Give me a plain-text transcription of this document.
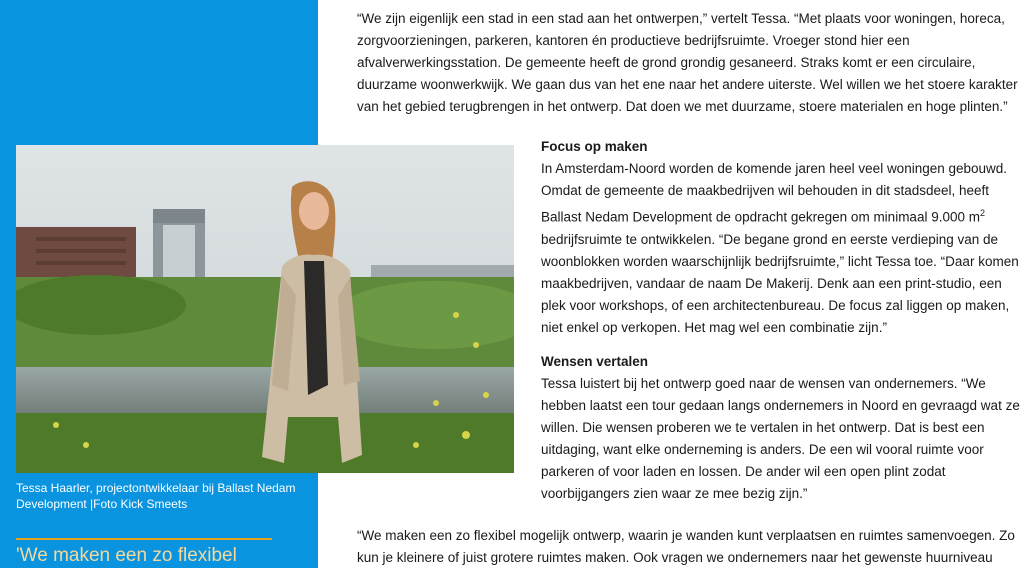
“We zijn eigenlijk een stad in een stad aan het ontwerpen,” vertelt Tessa. “Met plaats voor woningen, horeca, zorgvoorzieningen, parkeren, kantoren én productieve bedrijfsruimte. Vroeger stond hier een afvalverwerkingsstation. De gemeente heeft de grond grondig gesaneerd. Straks komt er een circulaire, duurzame woonwerkwijk. We gaan dus van het ene naar het andere uiterste. Wel willen we het stoere karakter van het gebied terugbrengen in het ontwerp. Dat doen we met duurzame, stoere materialen en hoge plinten.”

Focus op maken

In Amsterdam-Noord worden de komende jaren heel veel woningen gebouwd. Omdat de gemeente de maakbedrijven wil behouden in dit stadsdeel, heeft Ballast Nedam Development de opdracht gekregen om minimaal 9.000 $m^2$ bedrijfsruimte te ontwikkelen. “De begane grond en eerste verdieping van de woonblokken worden waarschijnlijk bedrijfsruimte,” licht Tessa toe. “Daar komen maakbedrijven, vandaar de naam De Makerij. Denk aan een print-studio, een plek voor workshops, of een architectenbureau. De focus zal liggen op maken, niet enkel op verkopen. Het mag wel een combinatie zijn.”

Wensen vertalen

Tessa luistert bij het ontwerp goed naar de wensen van ondernemers. “We hebben laatst een tour gedaan langs ondernemers in Noord en gevraagd wat ze willen. Die wensen proberen we te vertalen in het ontwerp. Dat is best een uitdaging, want elke onderneming is anders. De een wil vooral ruimte voor parkeren of voor laden en lossen. De ander wil een open plint zodat voorbijgangers zien waar ze mee bezig zijn.”

“We maken een zo flexibel mogelijk ontwerp, waarin je wanden kunt verplaatsen en ruimtes samenvoegen. Zo kun je kleinere of juist grotere ruimtes maken. Ook vragen we ondernemers naar het gewenste huurniveau

Tessa Haarler, projectontwikkelaar bij Ballast Nedam Development |Foto Kick Smeets
'We maken een zo flexibel
